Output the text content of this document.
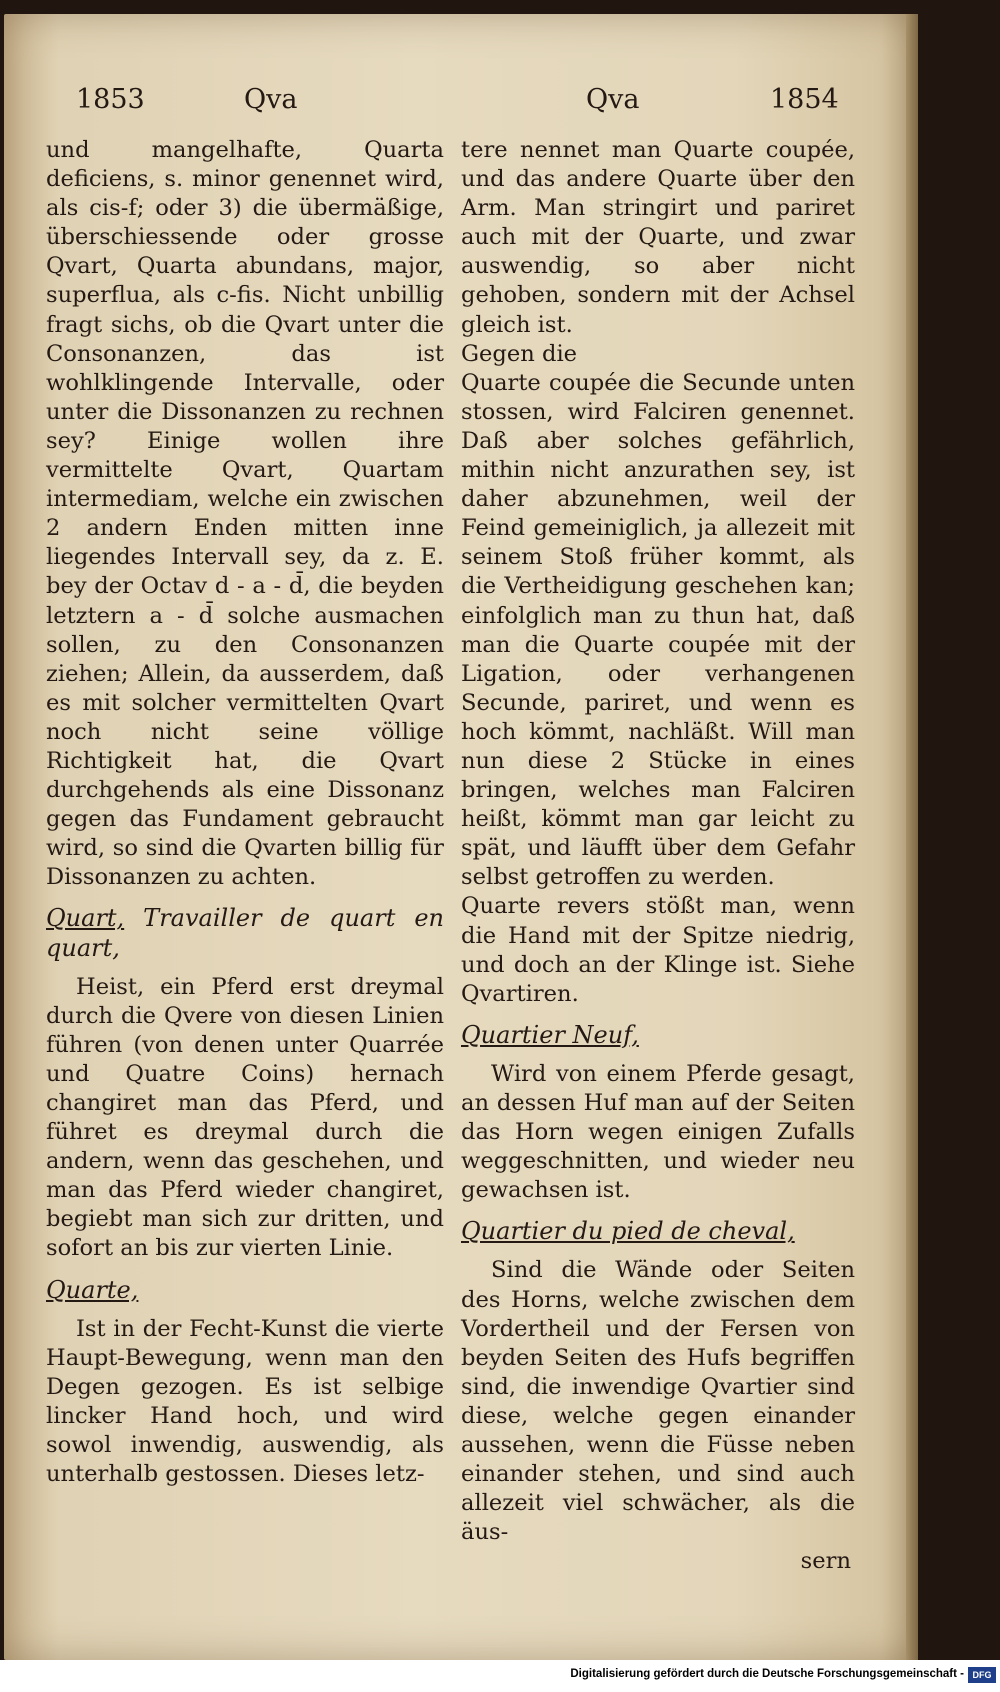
1853	Qva	Qva	1854

und mangelhafte, Quarta deficiens, s. minor genennet wird, als cis-f; oder 3) die übermäßige, überschiessende oder grosse Qvart, Quarta abundans, major, superflua, als c-fis. Nicht unbillig fragt sichs, ob die Qvart unter die Consonanzen, das ist wohlklingende Intervalle, oder unter die Dissonanzen zu rechnen sey? Einige wollen ihre vermittelte Qvart, Quartam intermediam, welche ein zwischen 2 andern Enden mitten inne liegendes Intervall sey, da z. E. bey der Octav d - a - d̄, die beyden letztern a - d̄ solche ausmachen sollen, zu den Consonanzen ziehen; Allein, da ausserdem, daß es mit solcher vermittelten Qvart noch nicht seine völlige Richtigkeit hat, die Qvart durchgehends als eine Dissonanz gegen das Fundament gebraucht wird, so sind die Qvarten billig für Dissonanzen zu achten.

Quart, Travailler de quart en quart,

Heist, ein Pferd erst dreymal durch die Qvere von diesen Linien führen (von denen unter Quarrée und Quatre Coins) hernach changiret man das Pferd, und führet es dreymal durch die andern, wenn das geschehen, und man das Pferd wieder changiret, begiebt man sich zur dritten, und sofort an bis zur vierten Linie.

Quarte,

Ist in der Fecht-Kunst die vierte Haupt-Bewegung, wenn man den Degen gezogen. Es ist selbige lincker Hand hoch, und wird sowol inwendig, auswendig, als unterhalb gestossen. Dieses letz-

tere nennet man Quarte coupée, und das andere Quarte über den Arm. Man stringirt und pariret auch mit der Quarte, und zwar auswendig, so aber nicht gehoben, sondern mit der Achsel gleich ist.

Gegen die

Quarte coupée die Secunde unten stossen, wird Falciren genennet. Daß aber solches gefährlich, mithin nicht anzurathen sey, ist daher abzunehmen, weil der Feind gemeiniglich, ja allezeit mit seinem Stoß früher kommt, als die Vertheidigung geschehen kan; einfolglich man zu thun hat, daß man die Quarte coupée mit der Ligation, oder verhangenen Secunde, pariret, und wenn es hoch kömmt, nachläßt. Will man nun diese 2 Stücke in eines bringen, welches man Falciren heißt, kömmt man gar leicht zu spät, und läufft über dem Gefahr selbst getroffen zu werden.

Quarte revers stößt man, wenn die Hand mit der Spitze niedrig, und doch an der Klinge ist. Siehe Qvartiren.

Quartier Neuf,

Wird von einem Pferde gesagt, an dessen Huf man auf der Seiten das Horn wegen einigen Zufalls weggeschnitten, und wieder neu gewachsen ist.

Quartier du pied de cheval,

Sind die Wände oder Seiten des Horns, welche zwischen dem Vordertheil und der Fersen von beyden Seiten des Hufs begriffen sind, die inwendige Qvartier sind diese, welche gegen einander aussehen, wenn die Füsse neben einander stehen, und sind auch allezeit viel schwächer, als die äus-

sern

Digitalisierung gefördert durch die Deutsche Forschungsgemeinschaft - DFG
